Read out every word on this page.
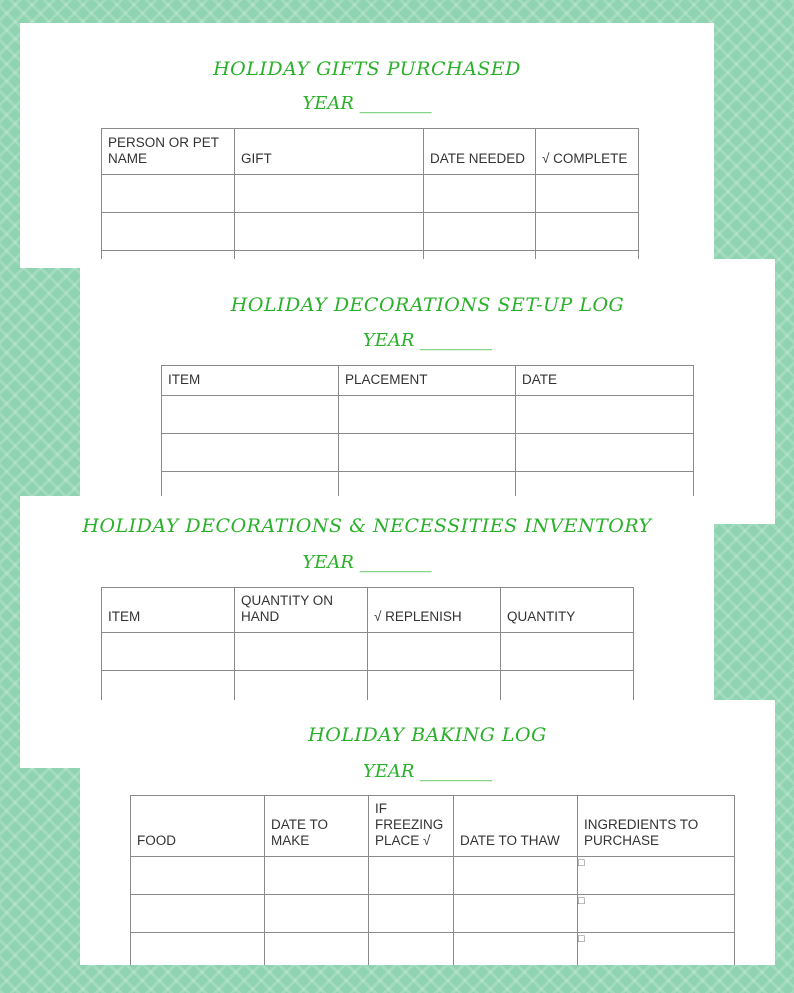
HOLIDAY GIFTS PURCHASED
YEAR ________
PERSON OR PET NAME	GIFT	DATE NEEDED	√ COMPLETE

HOLIDAY DECORATIONS SET-UP LOG
YEAR ________
ITEM	PLACEMENT	DATE

HOLIDAY DECORATIONS & NECESSITIES INVENTORY
YEAR ________
ITEM	QUANTITY ON HAND	√ REPLENISH	QUANTITY

HOLIDAY BAKING LOG
YEAR ________
FOOD	DATE TO MAKE	IF FREEZING PLACE √	DATE TO THAW	INGREDIENTS TO PURCHASE
				□
				□
				□
